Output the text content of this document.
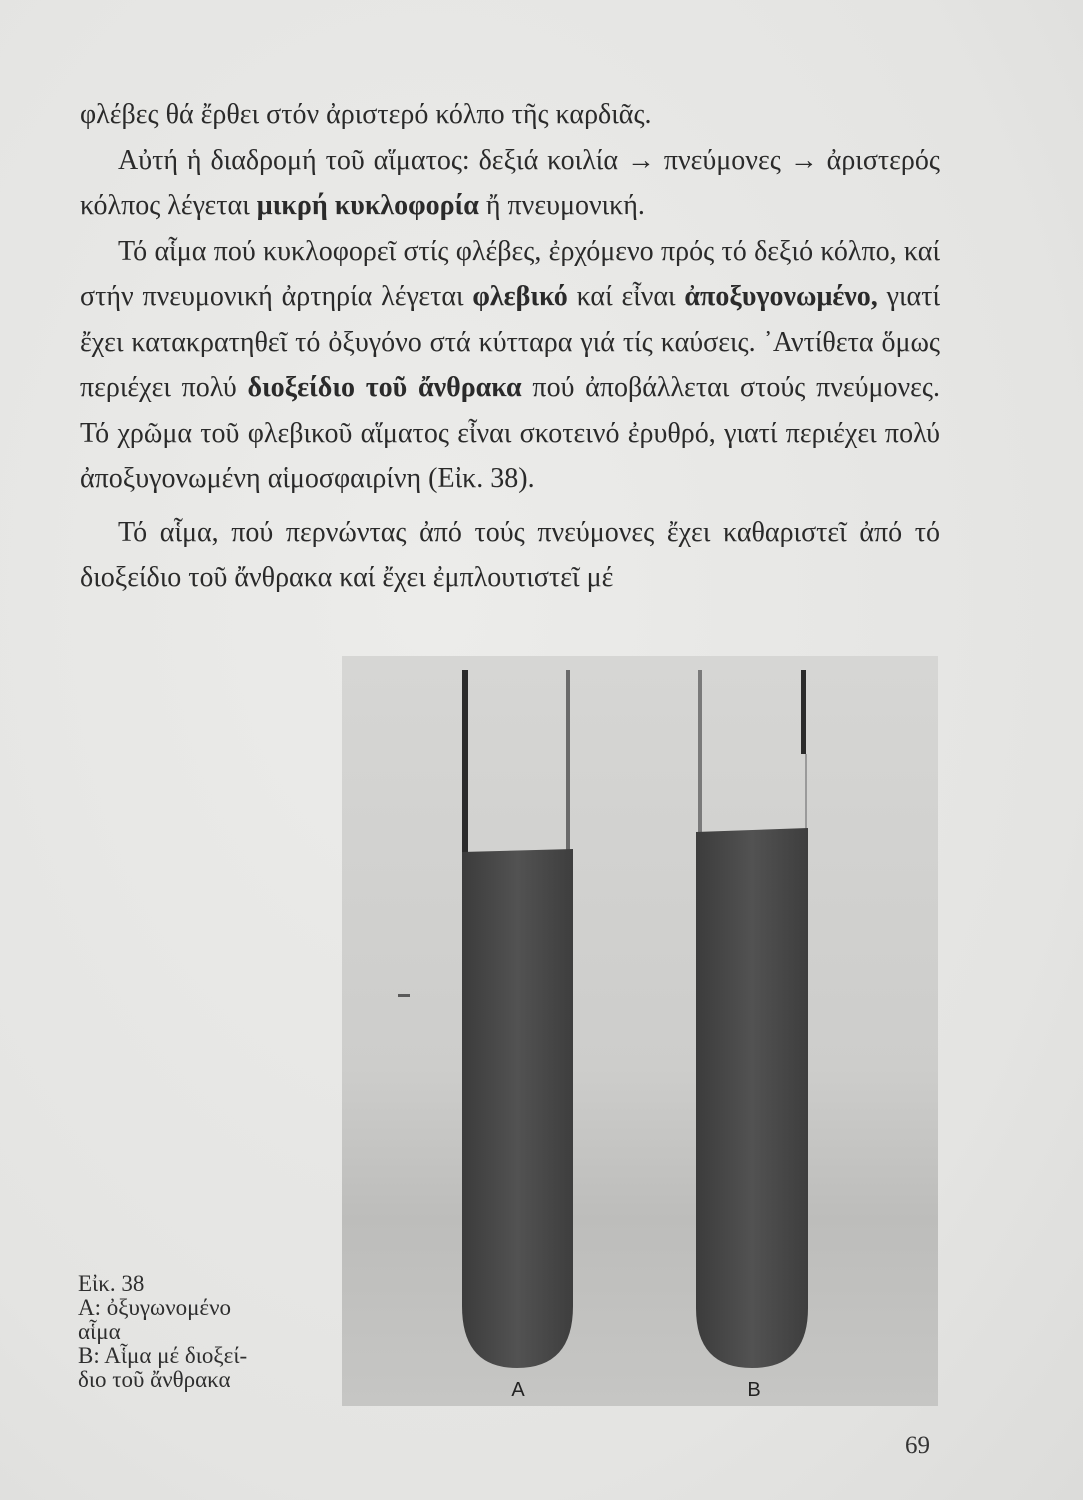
φλέβες θά ἔρθει στόν ἀριστερό κόλπο τῆς καρδιᾶς.

Αὐτή ἡ διαδρομή τοῦ αἵματος: δεξιά κοιλία → πνεύμονες → ἀριστερός κόλπος λέγεται μικρή κυκλοφορία ἤ πνευμονική.

Τό αἷμα πού κυκλοφορεῖ στίς φλέβες, ἐρχόμενο πρός τό δεξιό κόλπο, καί στήν πνευμονική ἀρτηρία λέγεται φλεβικό καί εἶναι ἀποξυγονωμένο, γιατί ἔχει κατακρατηθεῖ τό ὀξυγόνο στά κύτταρα γιά τίς καύσεις. ᾿Αντίθετα ὅμως περιέχει πολύ διοξείδιο τοῦ ἄνθρακα πού ἀποβάλλεται στούς πνεύμονες. Τό χρῶμα τοῦ φλεβικοῦ αἵματος εἶναι σκοτεινό ἐρυθρό, γιατί περιέχει πολύ ἀποξυγονωμένη αἱμοσφαιρίνη (Εἰκ. 38).

Τό αἷμα, πού περνώντας ἀπό τούς πνεύμονες ἔχει καθαριστεῖ ἀπό τό διοξείδιο τοῦ ἄνθρακα καί ἔχει ἐμπλουτιστεῖ μέ

A	B
Εἰκ. 38
Α: ὀξυγωνομένο
αἷμα
Β: Αἷμα μέ διοξεί-
διο τοῦ ἄνθρακα
69
